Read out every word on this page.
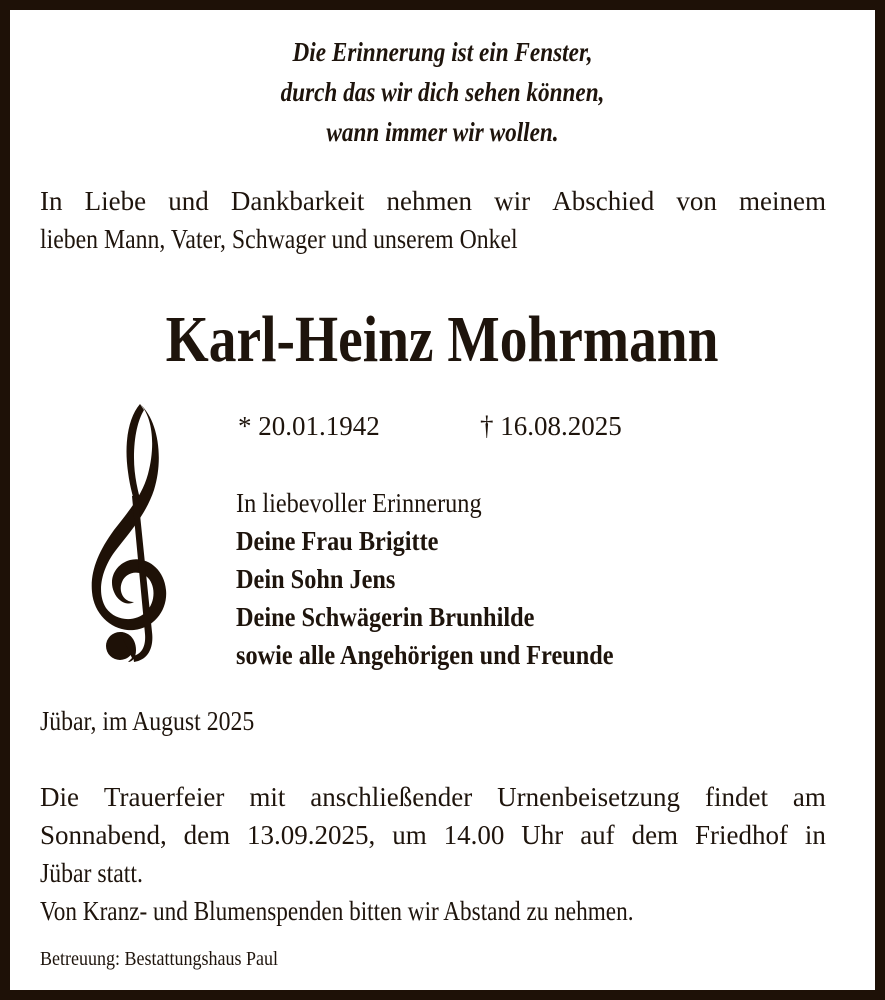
Die Erinnerung ist ein Fenster,
durch das wir dich sehen können,
wann immer wir wollen.
In Liebe und Dankbarkeit nehmen wir Abschied von meinem
lieben Mann, Vater, Schwager und unserem Onkel
Karl-Heinz Mohrmann
* 20.01.1942	† 16.08.2025
In liebevoller Erinnerung
Deine Frau Brigitte
Dein Sohn Jens
Deine Schwägerin Brunhilde
sowie alle Angehörigen und Freunde
Jübar, im August 2025
Die Trauerfeier mit anschließender Urnenbeisetzung findet am
Sonnabend, dem 13.09.2025, um 14.00 Uhr auf dem Friedhof in
Jübar statt.
Von Kranz- und Blumenspenden bitten wir Abstand zu nehmen.
Betreuung: Bestattungshaus Paul
